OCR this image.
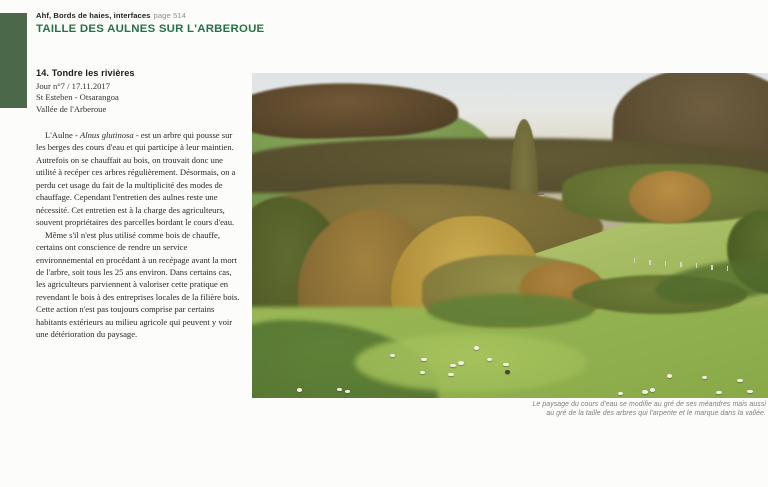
Ahf, Bords de haies, interfaces page 514
TAILLE DES AULNES SUR L'ARBEROUE
14. Tondre les rivières
Jour n°7 / 17.11.2017
St Esteben - Otsarangoa
Vallée de l'Arberoue

L'Aulne - Alnus glutinosa - est un arbre qui pousse sur les berges des cours d'eau et qui participe à leur maintien. Autrefois on se chauffait au bois, on trouvait donc une utilité à recéper ces arbres régulièrement. Désormais, on a perdu cet usage du fait de la multiplicité des modes de chauffage. Cependant l'entretien des aulnes reste une nécessité. Cet entretien est à la charge des agriculteurs, souvent propriétaires des parcelles bordant le cours d'eau.

Même s'il n'est plus utilisé comme bois de chauffe, certains ont conscience de rendre un service environnemental en procédant à un recépage avant la mort de l'arbre, soit tous les 25 ans environ. Dans certains cas, les agriculteurs parviennent à valoriser cette pratique en revendant le bois à des entreprises locales de la filière bois. Cette action n'est pas toujours comprise par certains habitants extérieurs au milieu agricole qui peuvent y voir une détérioration du paysage.

Le paysage du cours d'eau se modifie au gré de ses méandres mais aussi
au gré de la taille des arbres qui l'arpente et le marque dans la vallée.
